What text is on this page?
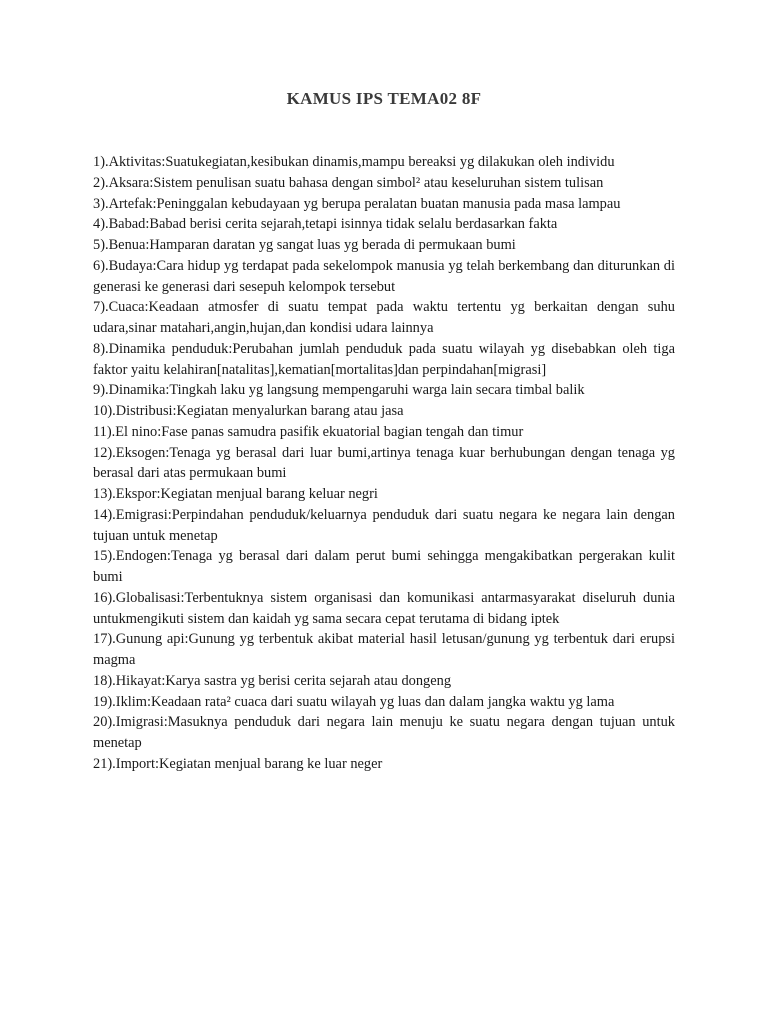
KAMUS IPS TEMA02 8F

1).Aktivitas:Suatukegiatan,kesibukan dinamis,mampu bereaksi yg dilakukan oleh individu

2).Aksara:Sistem penulisan suatu bahasa dengan simbol² atau keseluruhan sistem tulisan

3).Artefak:Peninggalan kebudayaan yg berupa peralatan buatan manusia pada masa lampau

4).Babad:Babad berisi cerita sejarah,tetapi isinnya tidak selalu berdasarkan fakta

5).Benua:Hamparan daratan yg sangat luas yg berada di permukaan bumi

6).Budaya:Cara hidup yg terdapat pada sekelompok manusia yg telah berkembang dan diturunkan di generasi ke generasi dari sesepuh kelompok tersebut

7).Cuaca:Keadaan atmosfer di suatu tempat pada waktu tertentu yg berkaitan dengan suhu udara,sinar matahari,angin,hujan,dan kondisi udara lainnya

8).Dinamika penduduk:Perubahan jumlah penduduk pada suatu wilayah yg disebabkan oleh tiga faktor yaitu kelahiran[natalitas],kematian[mortalitas]dan perpindahan[migrasi]

9).Dinamika:Tingkah laku yg langsung mempengaruhi warga lain secara timbal balik

10).Distribusi:Kegiatan menyalurkan barang atau jasa

11).El nino:Fase panas samudra pasifik ekuatorial bagian tengah dan timur

12).Eksogen:Tenaga yg berasal dari luar bumi,artinya tenaga kuar berhubungan dengan tenaga yg berasal dari atas permukaan bumi

13).Ekspor:Kegiatan menjual barang keluar negri

14).Emigrasi:Perpindahan penduduk/keluarnya penduduk dari suatu negara ke negara lain dengan tujuan untuk menetap

15).Endogen:Tenaga yg berasal dari dalam perut bumi sehingga mengakibatkan pergerakan kulit bumi

16).Globalisasi:Terbentuknya sistem organisasi dan komunikasi antarmasyarakat diseluruh dunia untukmengikuti sistem dan kaidah yg sama secara cepat terutama di bidang iptek

17).Gunung api:Gunung yg terbentuk akibat material hasil letusan/gunung yg terbentuk dari erupsi magma

18).Hikayat:Karya sastra yg berisi cerita sejarah atau dongeng

19).Iklim:Keadaan rata² cuaca dari suatu wilayah yg luas dan dalam jangka waktu yg lama

20).Imigrasi:Masuknya penduduk dari negara lain menuju ke suatu negara dengan tujuan untuk menetap

21).Import:Kegiatan menjual barang ke luar neger
